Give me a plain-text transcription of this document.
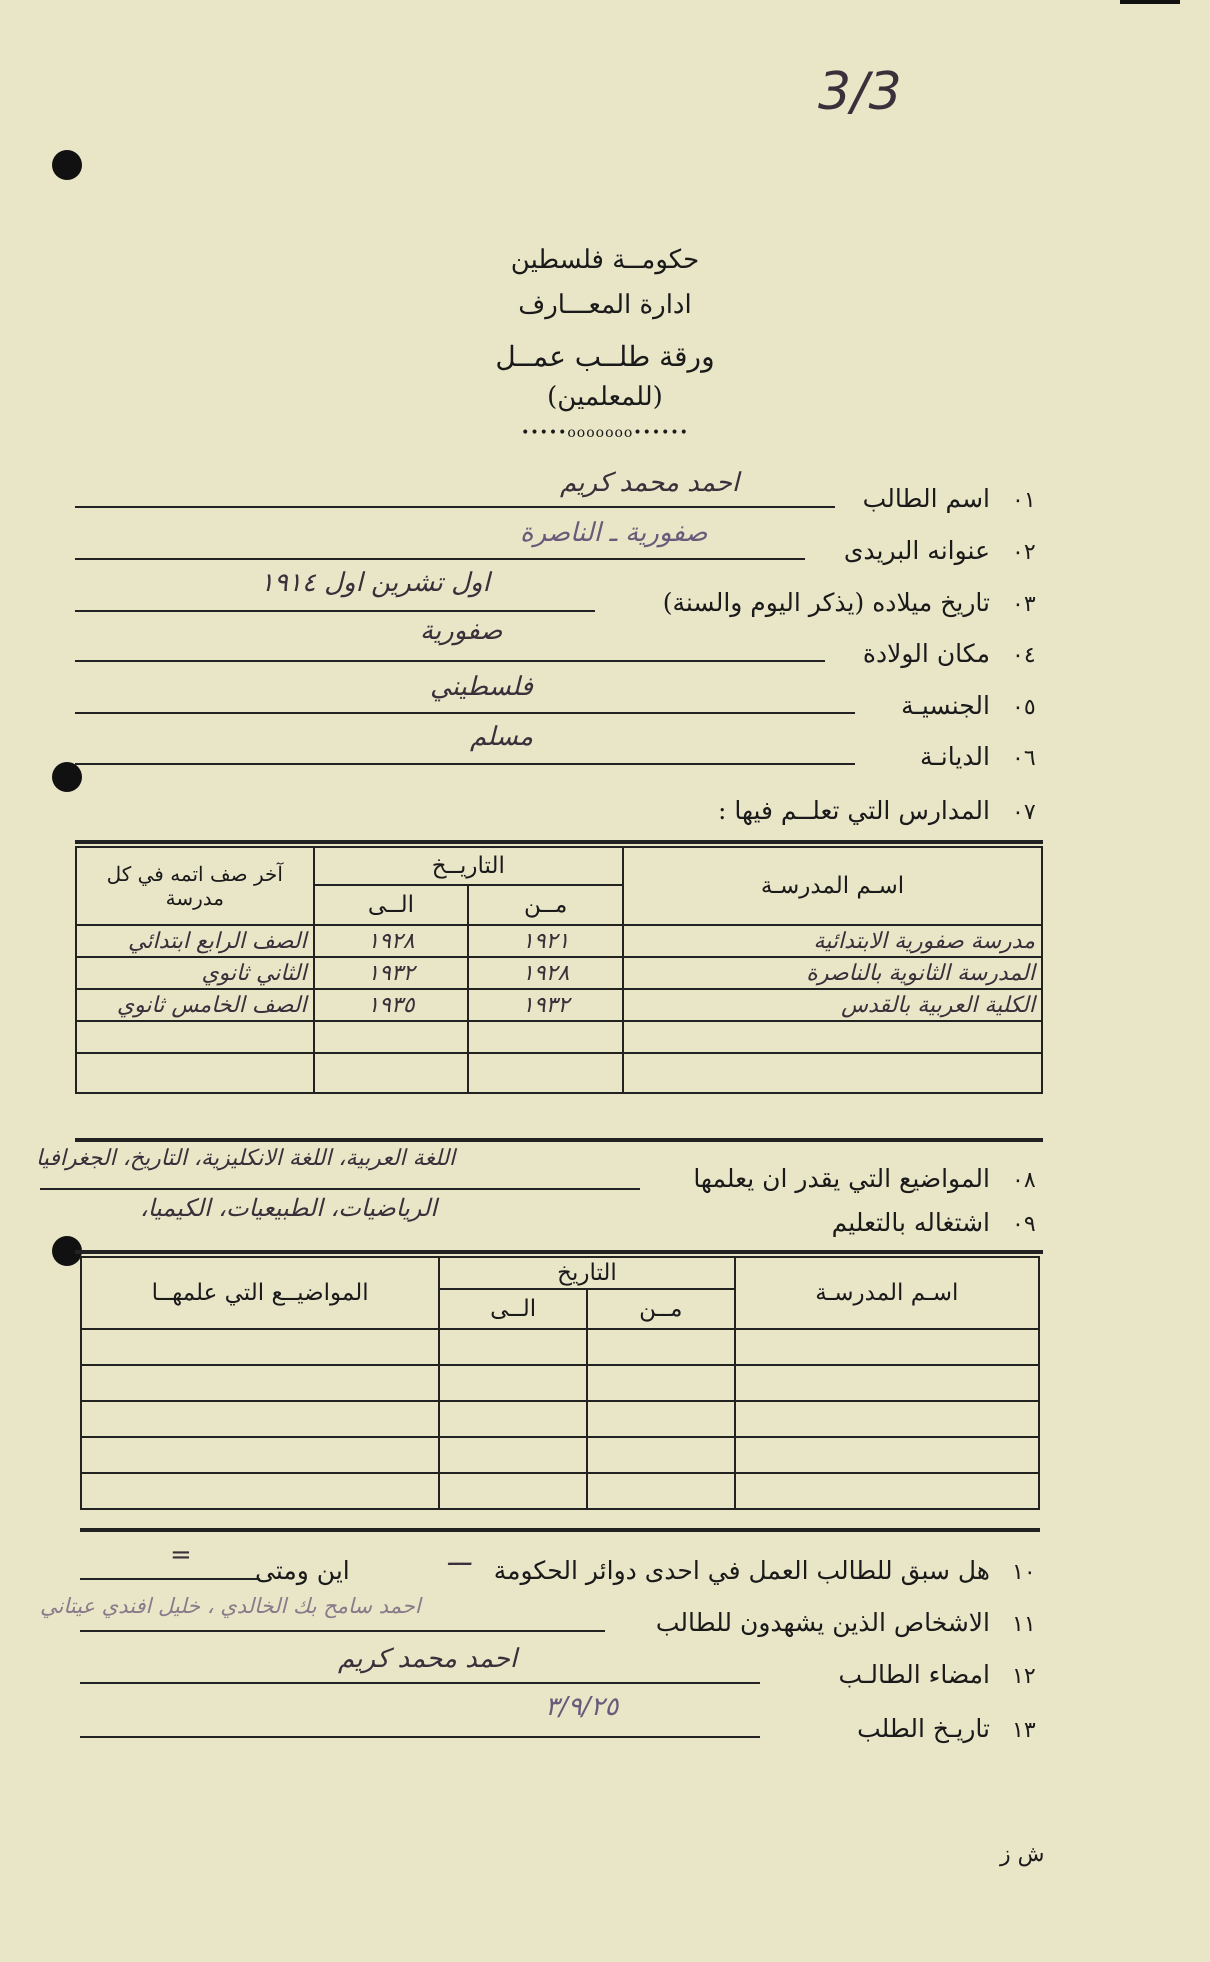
3/3
حكومــة فلسطين
ادارة المعـــارف
ورقة طلــب عمــل
(للمعلمين)
••••••ooooooo•••••
٠١
اسم الطالب
احمد محمد كريم
٠٢
عنوانه البريدى
صفورية ـ الناصرة
٠٣
تاريخ ميلاده (يذكر اليوم والسنة)
اول تشرين اول ١٩١٤
٠٤
مكان الولادة
صفورية
٠٥
الجنسيـة
فلسطيني
٠٦
الديانـة
مسلم
٠٧
المدارس التي تعلــم فيها :
اسـم المدرسـة	التاريــخ		آخر صف اتمه في كل مدرسة
	مــن	الــى	
مدرسة صفورية الابتدائية	١٩٢١	١٩٢٨	الصف الرابع ابتدائي
المدرسة الثانوية بالناصرة	١٩٢٨	١٩٣٢	الثاني ثانوي
الكلية العربية بالقدس	١٩٣٢	١٩٣٥	الصف الخامس ثانوي

٠٨
المواضيع التي يقدر ان يعلمها
اللغة العربية، اللغة الانكليزية، التاريخ، الجغرافيا
الرياضيات، الطبيعيات، الكيميا،
٠٩
اشتغاله بالتعليم
اسـم المدرسـة	التاريخ		المواضيــع التي علمهــا
	مــن	الــى	

١٠
هل سبق للطالب العمل في احدى دوائر الحكومة
ـــ
اين ومتى
=
١١
الاشخاص الذين يشهدون للطالب
احمد سامح بك الخالدي ، خليل افندي عيتاني
١٢
امضاء الطالـب
احمد محمد كريم
١٣
تاريـخ الطلب
٣/٩/٢٥
ش ز
